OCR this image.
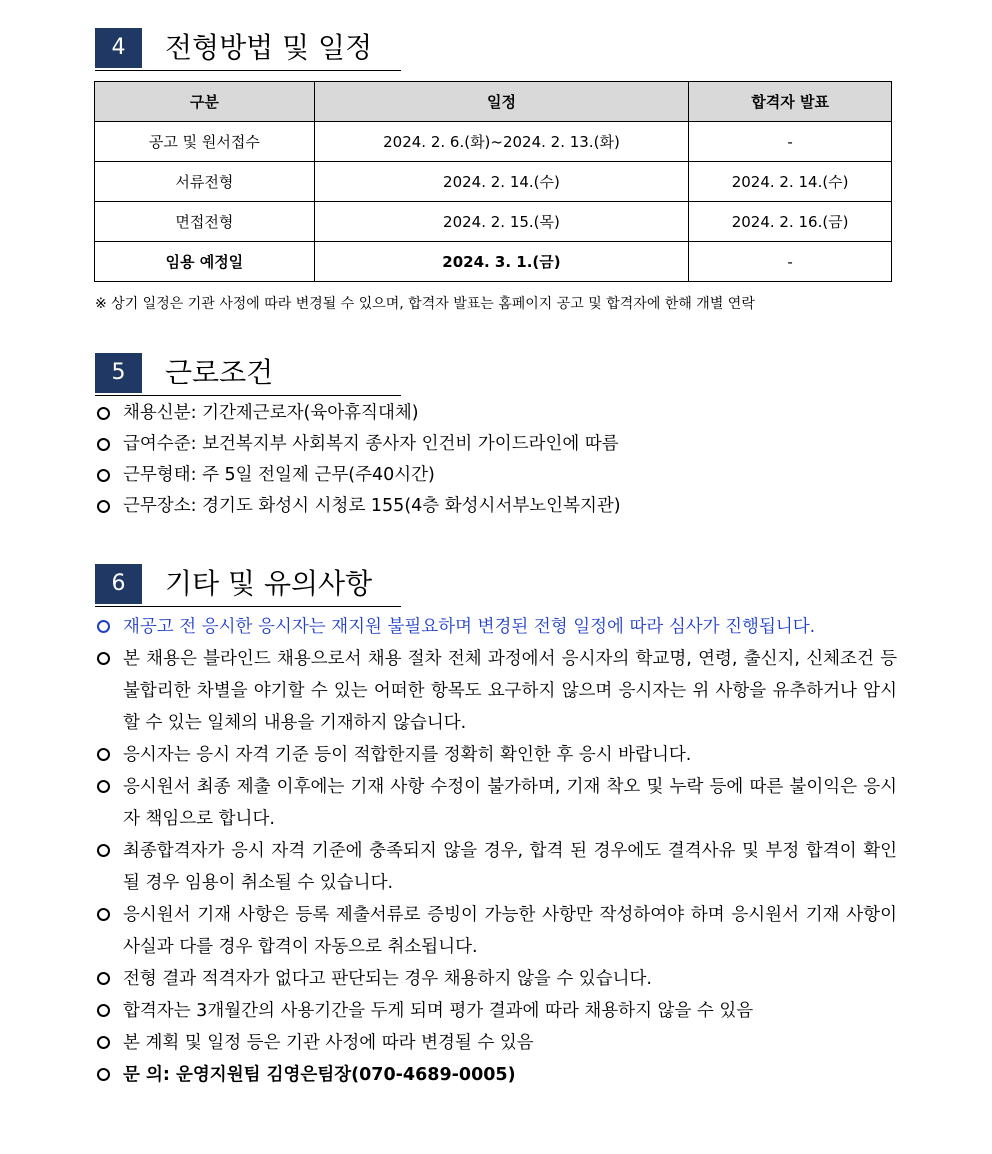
4	전형방법 및 일정
구분	일정	합격자 발표
공고 및 원서접수	2024. 2. 6.(화)~2024. 2. 13.(화)	-
서류전형	2024. 2. 14.(수)	2024. 2. 14.(수)
면접전형	2024. 2. 15.(목)	2024. 2. 16.(금)
임용 예정일	2024. 3. 1.(금)	-
※ 상기 일정은 기관 사정에 따라 변경될 수 있으며, 합격자 발표는 홈페이지 공고 및 합격자에 한해 개별 연락
5	근로조건
채용신분: 기간제근로자(육아휴직대체)
급여수준: 보건복지부 사회복지 종사자 인건비 가이드라인에 따름
근무형태: 주 5일 전일제 근무(주40시간)
근무장소: 경기도 화성시 시청로 155(4층 화성시서부노인복지관)
6	기타 및 유의사항
재공고 전 응시한 응시자는 재지원 불필요하며 변경된 전형 일정에 따라 심사가 진행됩니다.
본 채용은 블라인드 채용으로서 채용 절차 전체 과정에서 응시자의 학교명, 연령, 출신지, 신체조건 등 불합리한 차별을 야기할 수 있는 어떠한 항목도 요구하지 않으며 응시자는 위 사항을 유추하거나 암시할 수 있는 일체의 내용을 기재하지 않습니다.
응시자는 응시 자격 기준 등이 적합한지를 정확히 확인한 후 응시 바랍니다.
응시원서 최종 제출 이후에는 기재 사항 수정이 불가하며, 기재 착오 및 누락 등에 따른 불이익은 응시자 책임으로 합니다.
최종합격자가 응시 자격 기준에 충족되지 않을 경우, 합격 된 경우에도 결격사유 및 부정 합격이 확인될 경우 임용이 취소될 수 있습니다.
응시원서 기재 사항은 등록 제출서류로 증빙이 가능한 사항만 작성하여야 하며 응시원서 기재 사항이 사실과 다를 경우 합격이 자동으로 취소됩니다.
전형 결과 적격자가 없다고 판단되는 경우 채용하지 않을 수 있습니다.
합격자는 3개월간의 사용기간을 두게 되며 평가 결과에 따라 채용하지 않을 수 있음
본 계획 및 일정 등은 기관 사정에 따라 변경될 수 있음
문 의: 운영지원팀 김영은팀장(070-4689-0005)
